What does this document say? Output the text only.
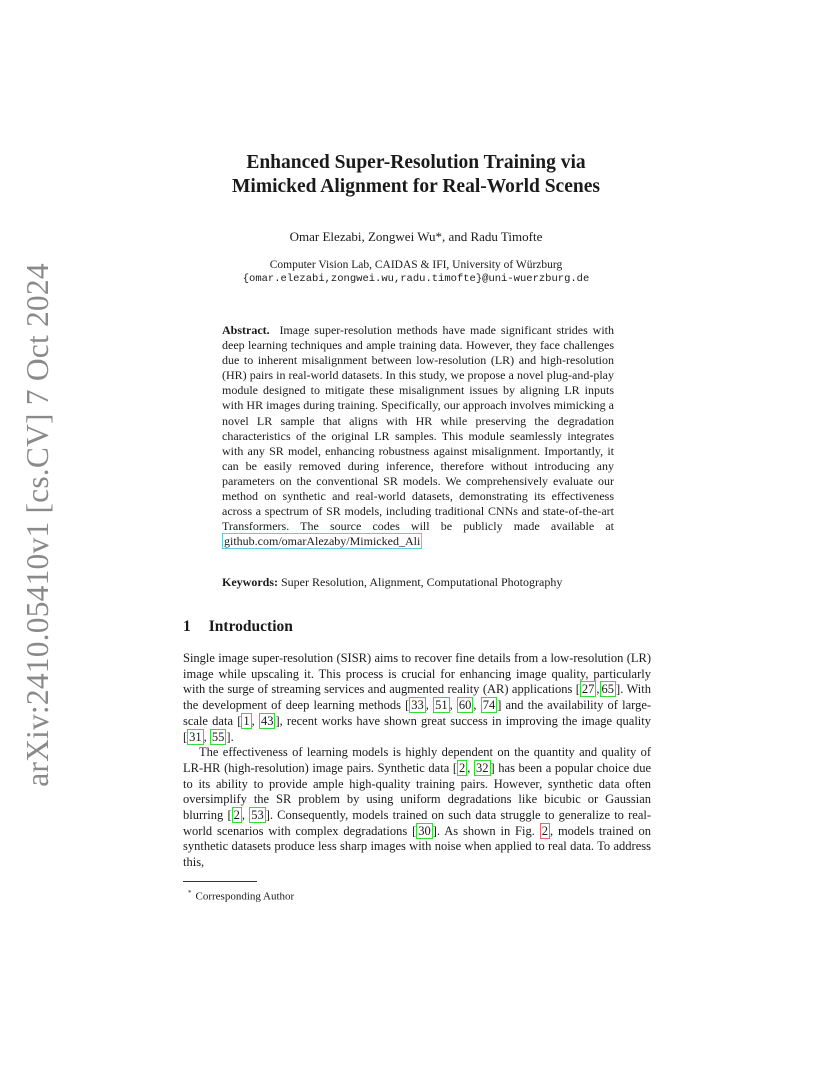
arXiv:2410.05410v1 [cs.CV] 7 Oct 2024
Enhanced Super-Resolution Training via
Mimicked Alignment for Real-World Scenes
Omar Elezabi, Zongwei Wu*, and Radu Timofte
Computer Vision Lab, CAIDAS & IFI, University of Würzburg
{omar.elezabi,zongwei.wu,radu.timofte}@uni-wuerzburg.de
Abstract. Image super-resolution methods have made significant strides with deep learning techniques and ample training data. However, they face challenges due to inherent misalignment between low-resolution (LR) and high-resolution (HR) pairs in real-world datasets. In this study, we propose a novel plug-and-play module designed to mitigate these misalignment issues by aligning LR inputs with HR images during training. Specifically, our approach involves mimicking a novel LR sample that aligns with HR while preserving the degradation characteristics of the original LR samples. This module seamlessly integrates with any SR model, enhancing robustness against misalignment. Importantly, it can be easily removed during inference, therefore without introducing any parameters on the conventional SR models. We comprehensively evaluate our method on synthetic and real-world datasets, demonstrating its effectiveness across a spectrum of SR models, including traditional CNNs and state-of-the-art Transformers. The source codes will be publicly made available at github.com/omarAlezaby/Mimicked_Ali
Keywords: Super Resolution, Alignment, Computational Photography
1 Introduction

Single image super-resolution (SISR) aims to recover fine details from a low-resolution (LR) image while upscaling it. This process is crucial for enhancing image quality, particularly with the surge of streaming services and augmented reality (AR) applications [ 27 , 65 ]. With the development of deep learning methods [ 33 , 51 , 60 , 74 ] and the availability of large-scale data [ 1 , 43 ], recent works have shown great success in improving the image quality [ 31 , 55 ].

The effectiveness of learning models is highly dependent on the quantity and quality of LR-HR (high-resolution) image pairs. Synthetic data [ 2 , 32 ] has been a popular choice due to its ability to provide ample high-quality training pairs. However, synthetic data often oversimplify the SR problem by using uniform degradations like bicubic or Gaussian blurring [ 2 , 53 ]. Consequently, models trained on such data struggle to generalize to real-world scenarios with complex degradations [ 30 ]. As shown in Fig. 2 , models trained on synthetic datasets produce less sharp images with noise when applied to real data. To address this,

* Corresponding Author
